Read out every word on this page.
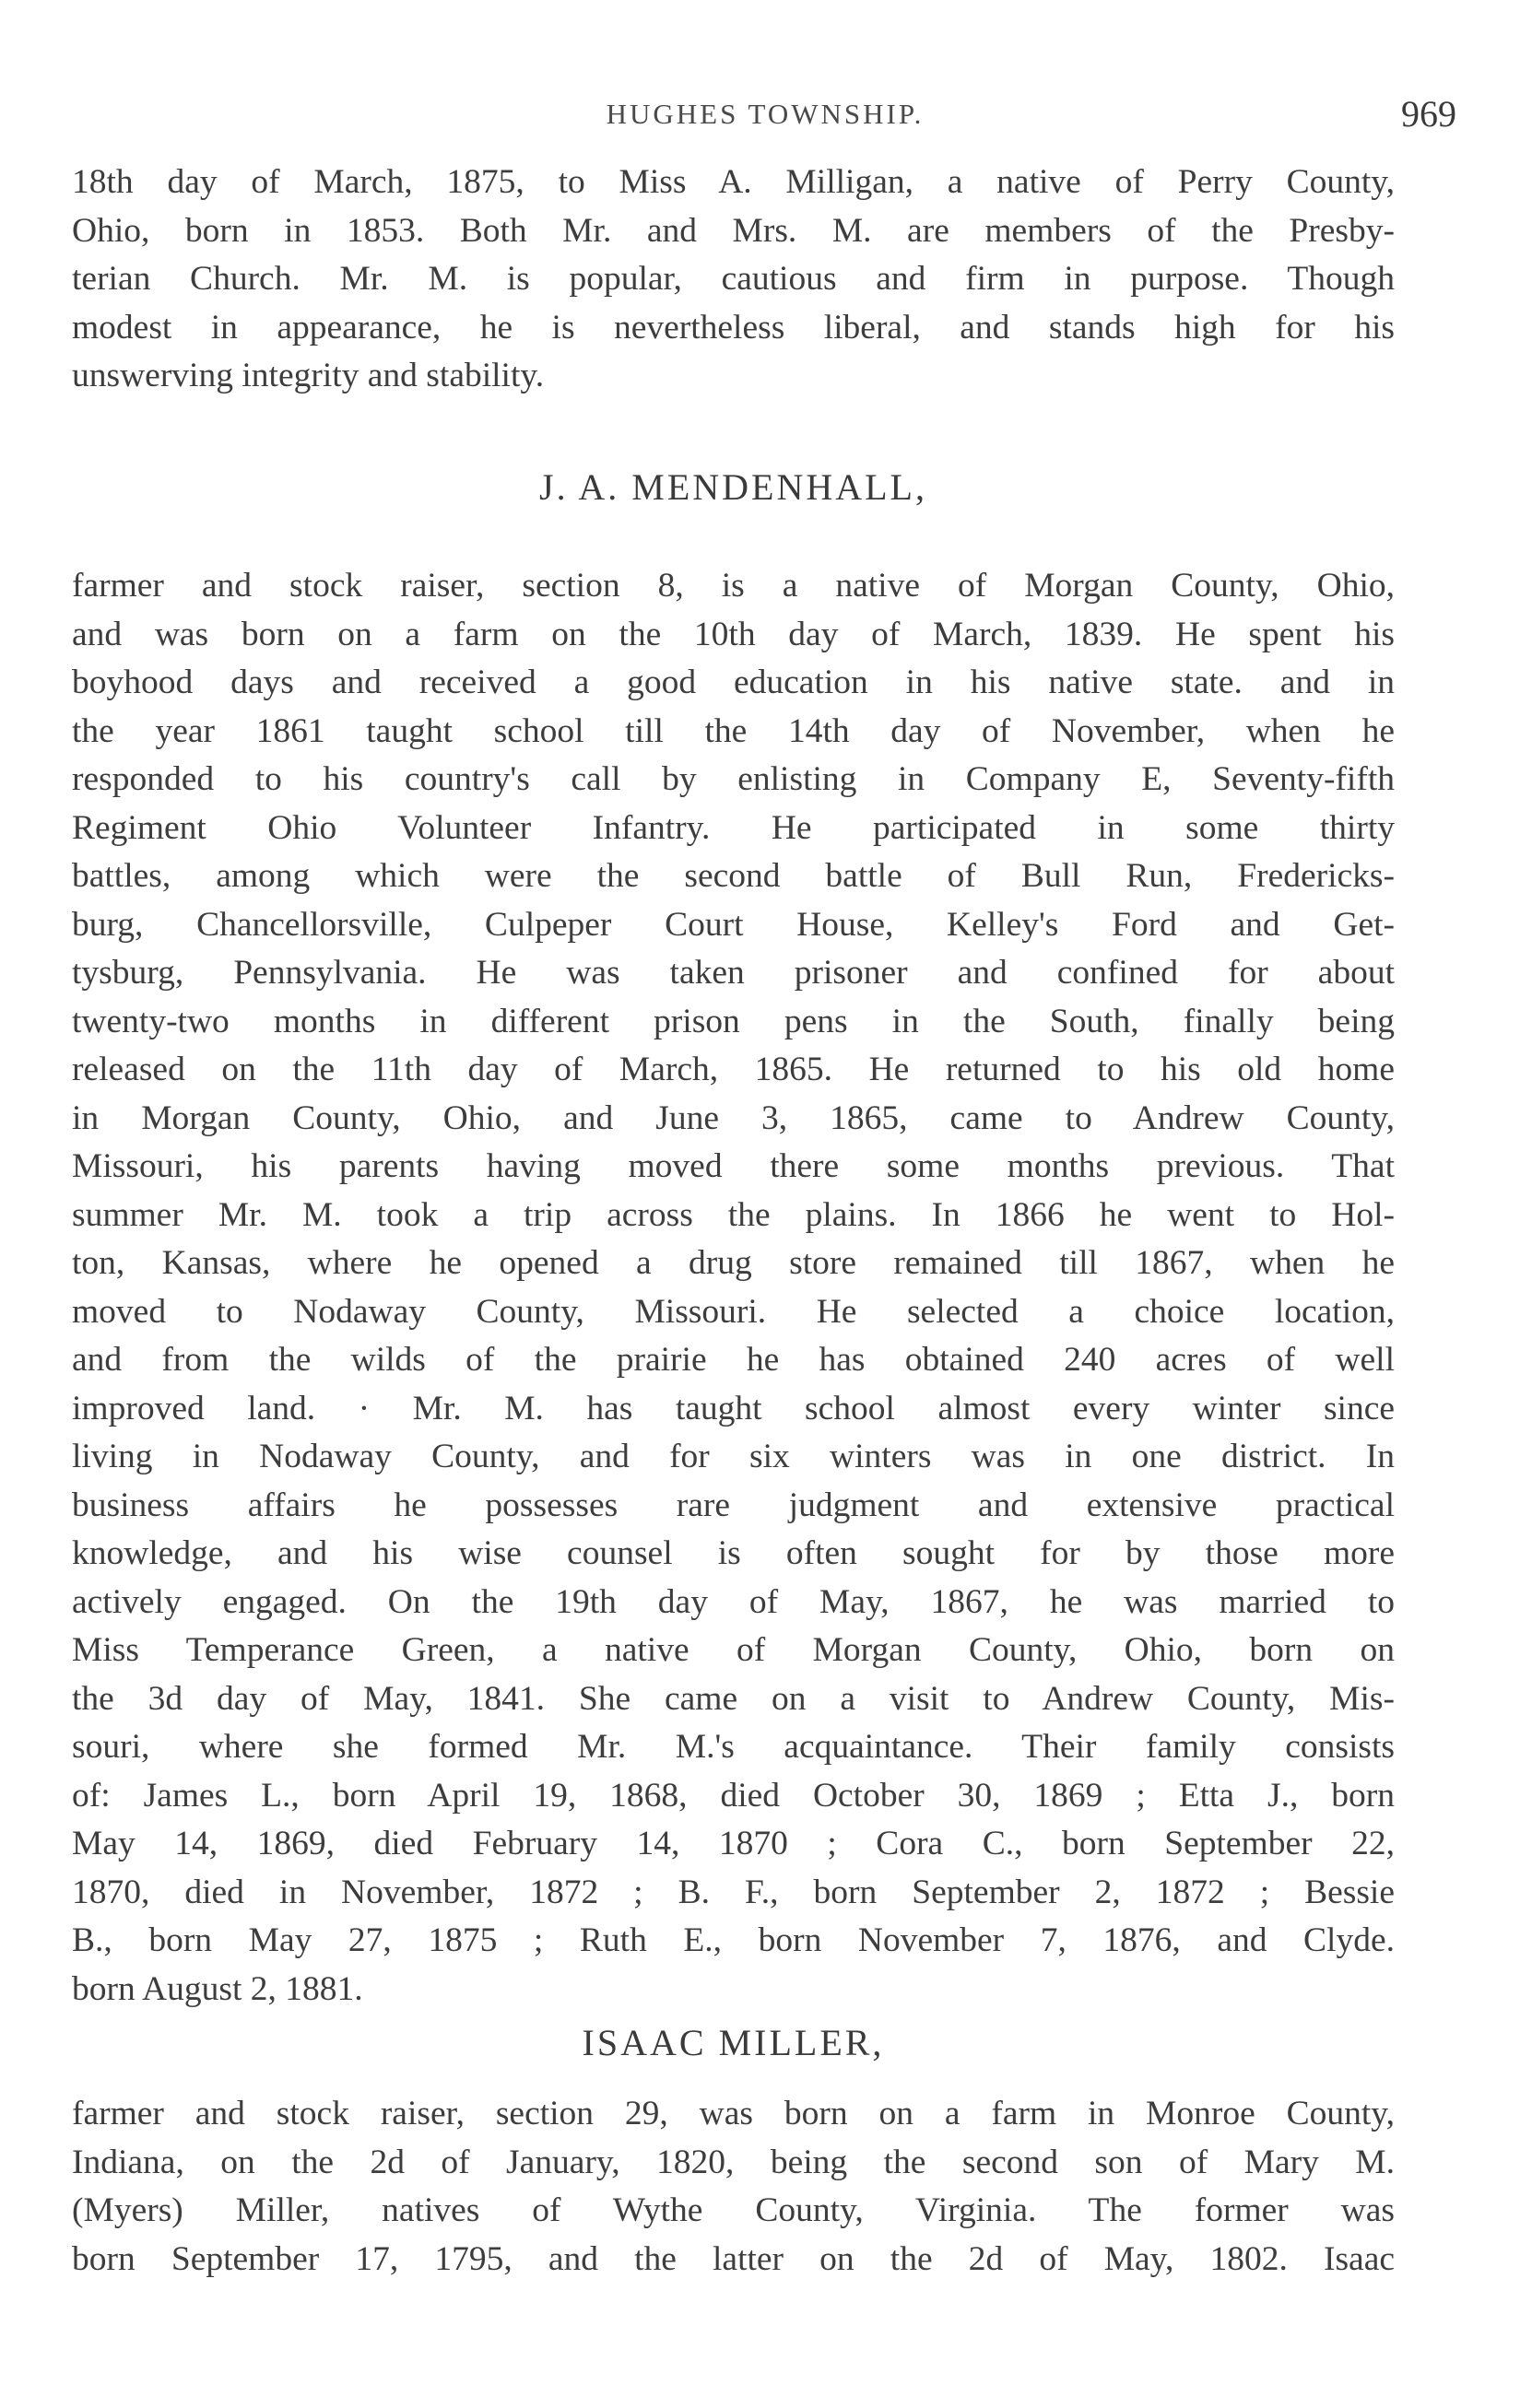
HUGHES TOWNSHIP.	969
18th day of March, 1875, to Miss A. Milligan, a native of Perry County,
Ohio, born in 1853. Both Mr. and Mrs. M. are members of the Presby-
terian Church. Mr. M. is popular, cautious and firm in purpose. Though
modest in appearance, he is nevertheless liberal, and stands high for his
unswerving integrity and stability.
J. A. MENDENHALL,
farmer and stock raiser, section 8, is a native of Morgan County, Ohio,
and was born on a farm on the 10th day of March, 1839. He spent his
boyhood days and received a good education in his native state. and in
the year 1861 taught school till the 14th day of November, when he
responded to his country's call by enlisting in Company E, Seventy-fifth
Regiment Ohio Volunteer Infantry. He participated in some thirty
battles, among which were the second battle of Bull Run, Fredericks-
burg, Chancellorsville, Culpeper Court House, Kelley's Ford and Get-
tysburg, Pennsylvania. He was taken prisoner and confined for about
twenty-two months in different prison pens in the South, finally being
released on the 11th day of March, 1865. He returned to his old home
in Morgan County, Ohio, and June 3, 1865, came to Andrew County,
Missouri, his parents having moved there some months previous. That
summer Mr. M. took a trip across the plains. In 1866 he went to Hol-
ton, Kansas, where he opened a drug store remained till 1867, when he
moved to Nodaway County, Missouri. He selected a choice location,
and from the wilds of the prairie he has obtained 240 acres of well
improved land. · Mr. M. has taught school almost every winter since
living in Nodaway County, and for six winters was in one district. In
business affairs he possesses rare judgment and extensive practical
knowledge, and his wise counsel is often sought for by those more
actively engaged. On the 19th day of May, 1867, he was married to
Miss Temperance Green, a native of Morgan County, Ohio, born on
the 3d day of May, 1841. She came on a visit to Andrew County, Mis-
souri, where she formed Mr. M.'s acquaintance. Their family consists
of: James L., born April 19, 1868, died October 30, 1869 ; Etta J., born
May 14, 1869, died February 14, 1870 ; Cora C., born September 22,
1870, died in November, 1872 ; B. F., born September 2, 1872 ; Bessie
B., born May 27, 1875 ; Ruth E., born November 7, 1876, and Clyde.
born August 2, 1881.
ISAAC MILLER,
farmer and stock raiser, section 29, was born on a farm in Monroe County,
Indiana, on the 2d of January, 1820, being the second son of Mary M.
(Myers) Miller, natives of Wythe County, Virginia. The former was
born September 17, 1795, and the latter on the 2d of May, 1802. Isaac
